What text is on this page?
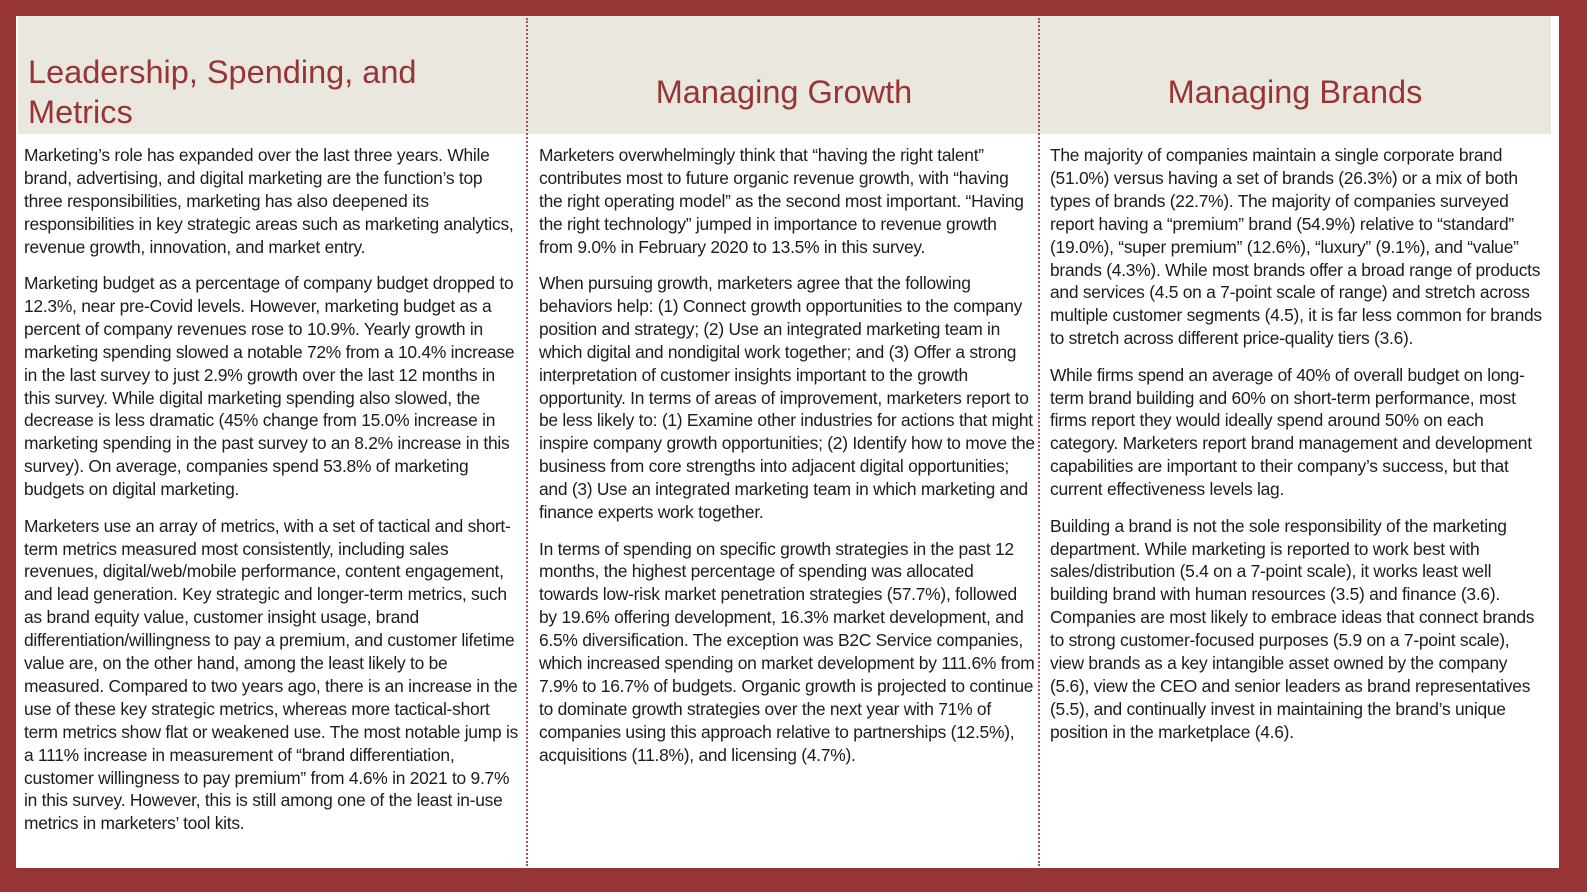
Leadership, Spending, and Metrics

Marketing’s role has expanded over the last three years. While brand, advertising, and digital marketing are the function’s top three responsibilities, marketing has also deepened its responsibilities in key strategic areas such as marketing analytics, revenue growth, innovation, and market entry.

Marketing budget as a percentage of company budget dropped to 12.3%, near pre-Covid levels. However, marketing budget as a percent of company revenues rose to 10.9%. Yearly growth in marketing spending slowed a notable 72% from a 10.4% increase in the last survey to just 2.9% growth over the last 12 months in this survey. While digital marketing spending also slowed, the decrease is less dramatic (45% change from 15.0% increase in marketing spending in the past survey to an 8.2% increase in this survey). On average, companies spend 53.8% of marketing budgets on digital marketing.

Marketers use an array of metrics, with a set of tactical and short-term metrics measured most consistently, including sales revenues, digital/web/mobile performance, content engagement, and lead generation. Key strategic and longer-term metrics, such as brand equity value, customer insight usage, brand differentiation/willingness to pay a premium, and customer lifetime value are, on the other hand, among the least likely to be measured. Compared to two years ago, there is an increase in the use of these key strategic metrics, whereas more tactical-short term metrics show flat or weakened use. The most notable jump is a 111% increase in measurement of “brand differentiation, customer willingness to pay premium” from 4.6% in 2021 to 9.7% in this survey. However, this is still among one of the least in-use metrics in marketers’ tool kits.

Managing Growth

Marketers overwhelmingly think that “having the right talent” contributes most to future organic revenue growth, with “having the right operating model” as the second most important. “Having the right technology” jumped in importance to revenue growth from 9.0% in February 2020 to 13.5% in this survey.

When pursuing growth, marketers agree that the following behaviors help: (1) Connect growth opportunities to the company position and strategy; (2) Use an integrated marketing team in which digital and nondigital work together; and (3) Offer a strong interpretation of customer insights important to the growth opportunity. In terms of areas of improvement, marketers report to be less likely to: (1) Examine other industries for actions that might inspire company growth opportunities; (2) Identify how to move the business from core strengths into adjacent digital opportunities; and (3) Use an integrated marketing team in which marketing and finance experts work together.

In terms of spending on specific growth strategies in the past 12 months, the highest percentage of spending was allocated towards low-risk market penetration strategies (57.7%), followed by 19.6% offering development, 16.3% market development, and 6.5% diversification. The exception was B2C Service companies, which increased spending on market development by 111.6% from 7.9% to 16.7% of budgets. Organic growth is projected to continue to dominate growth strategies over the next year with 71% of companies using this approach relative to partnerships (12.5%), acquisitions (11.8%), and licensing (4.7%).

Managing Brands

The majority of companies maintain a single corporate brand (51.0%) versus having a set of brands (26.3%) or a mix of both types of brands (22.7%). The majority of companies surveyed report having a “premium” brand (54.9%) relative to “standard” (19.0%), “super premium” (12.6%), “luxury” (9.1%), and “value” brands (4.3%). While most brands offer a broad range of products and services (4.5 on a 7-point scale of range) and stretch across multiple customer segments (4.5), it is far less common for brands to stretch across different price-quality tiers (3.6).

While firms spend an average of 40% of overall budget on long-term brand building and 60% on short-term performance, most firms report they would ideally spend around 50% on each category. Marketers report brand management and development capabilities are important to their company’s success, but that current effectiveness levels lag.

Building a brand is not the sole responsibility of the marketing department. While marketing is reported to work best with sales/distribution (5.4 on a 7-point scale), it works least well building brand with human resources (3.5) and finance (3.6). Companies are most likely to embrace ideas that connect brands to strong customer-focused purposes (5.9 on a 7-point scale), view brands as a key intangible asset owned by the company (5.6), view the CEO and senior leaders as brand representatives (5.5), and continually invest in maintaining the brand’s unique position in the marketplace (4.6).
